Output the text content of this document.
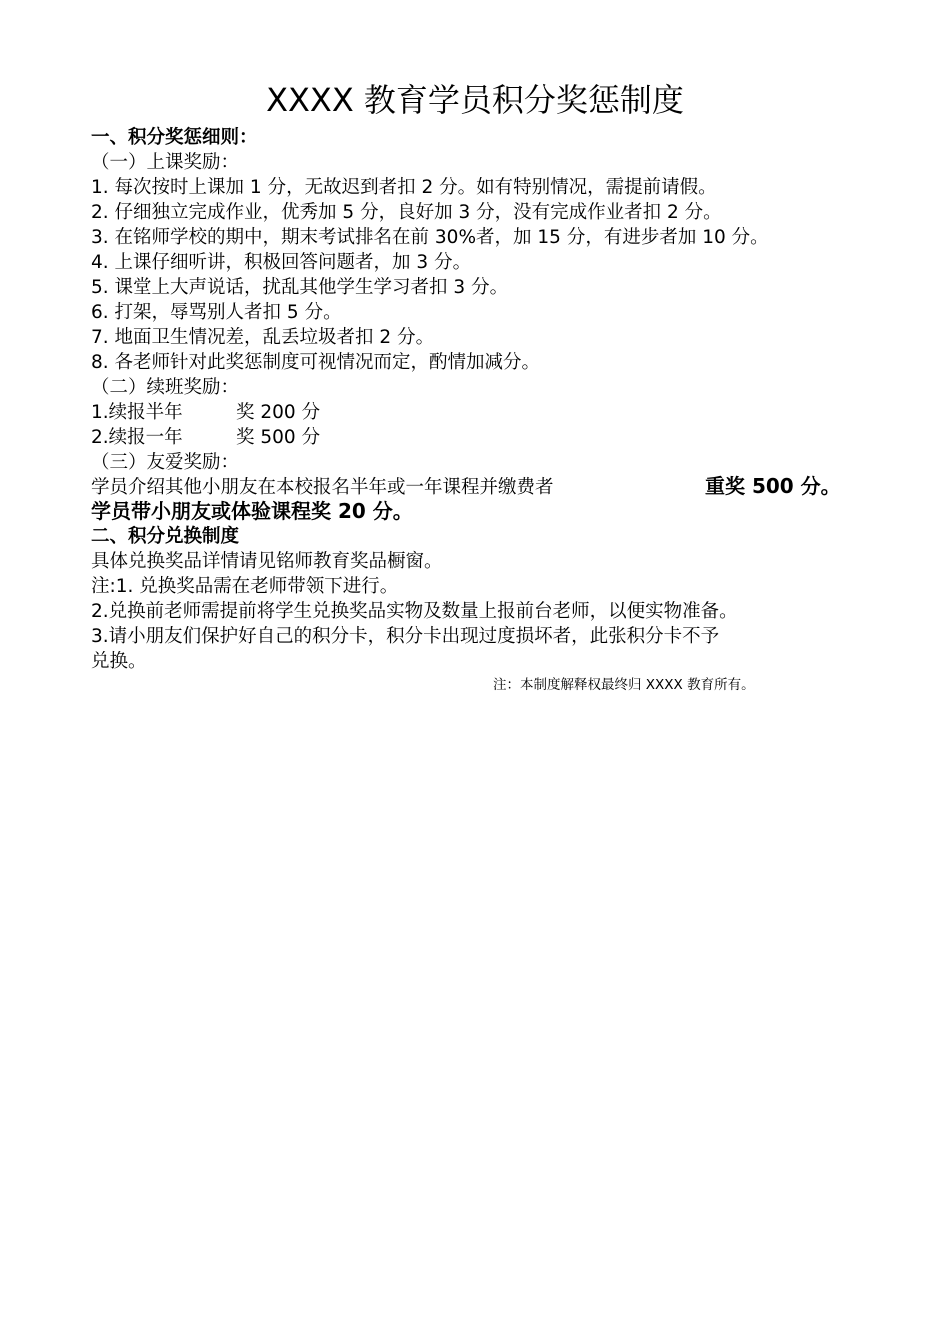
XXXX 教育学员积分奖惩制度
一、积分奖惩细则：
（一）上课奖励：
1. 每次按时上课加 1 分，无故迟到者扣 2 分。如有特别情况，需提前请假。
2. 仔细独立完成作业，优秀加 5 分，良好加 3 分，没有完成作业者扣 2 分。
3. 在铭师学校的期中，期末考试排名在前 30%者，加 15 分，有进步者加 10 分。
4. 上课仔细听讲，积极回答问题者，加 3 分。
5. 课堂上大声说话，扰乱其他学生学习者扣 3 分。
6. 打架，辱骂别人者扣 5 分。
7. 地面卫生情况差，乱丢垃圾者扣 2 分。
8. 各老师针对此奖惩制度可视情况而定，酌情加减分。
（二）续班奖励：
1.续报半年	奖 200 分
2.续报一年	奖 500 分
（三）友爱奖励：
学员介绍其他小朋友在本校报名半年或一年课程并缴费者	重奖 500 分。
学员带小朋友或体验课程奖 20 分。
二、积分兑换制度
具体兑换奖品详情请见铭师教育奖品橱窗。
注:1. 兑换奖品需在老师带领下进行。
2.兑换前老师需提前将学生兑换奖品实物及数量上报前台老师，以便实物准备。
3.请小朋友们保护好自己的积分卡，积分卡出现过度损坏者，此张积分卡不予
兑换。
注：本制度解释权最终归 XXXX 教育所有。
